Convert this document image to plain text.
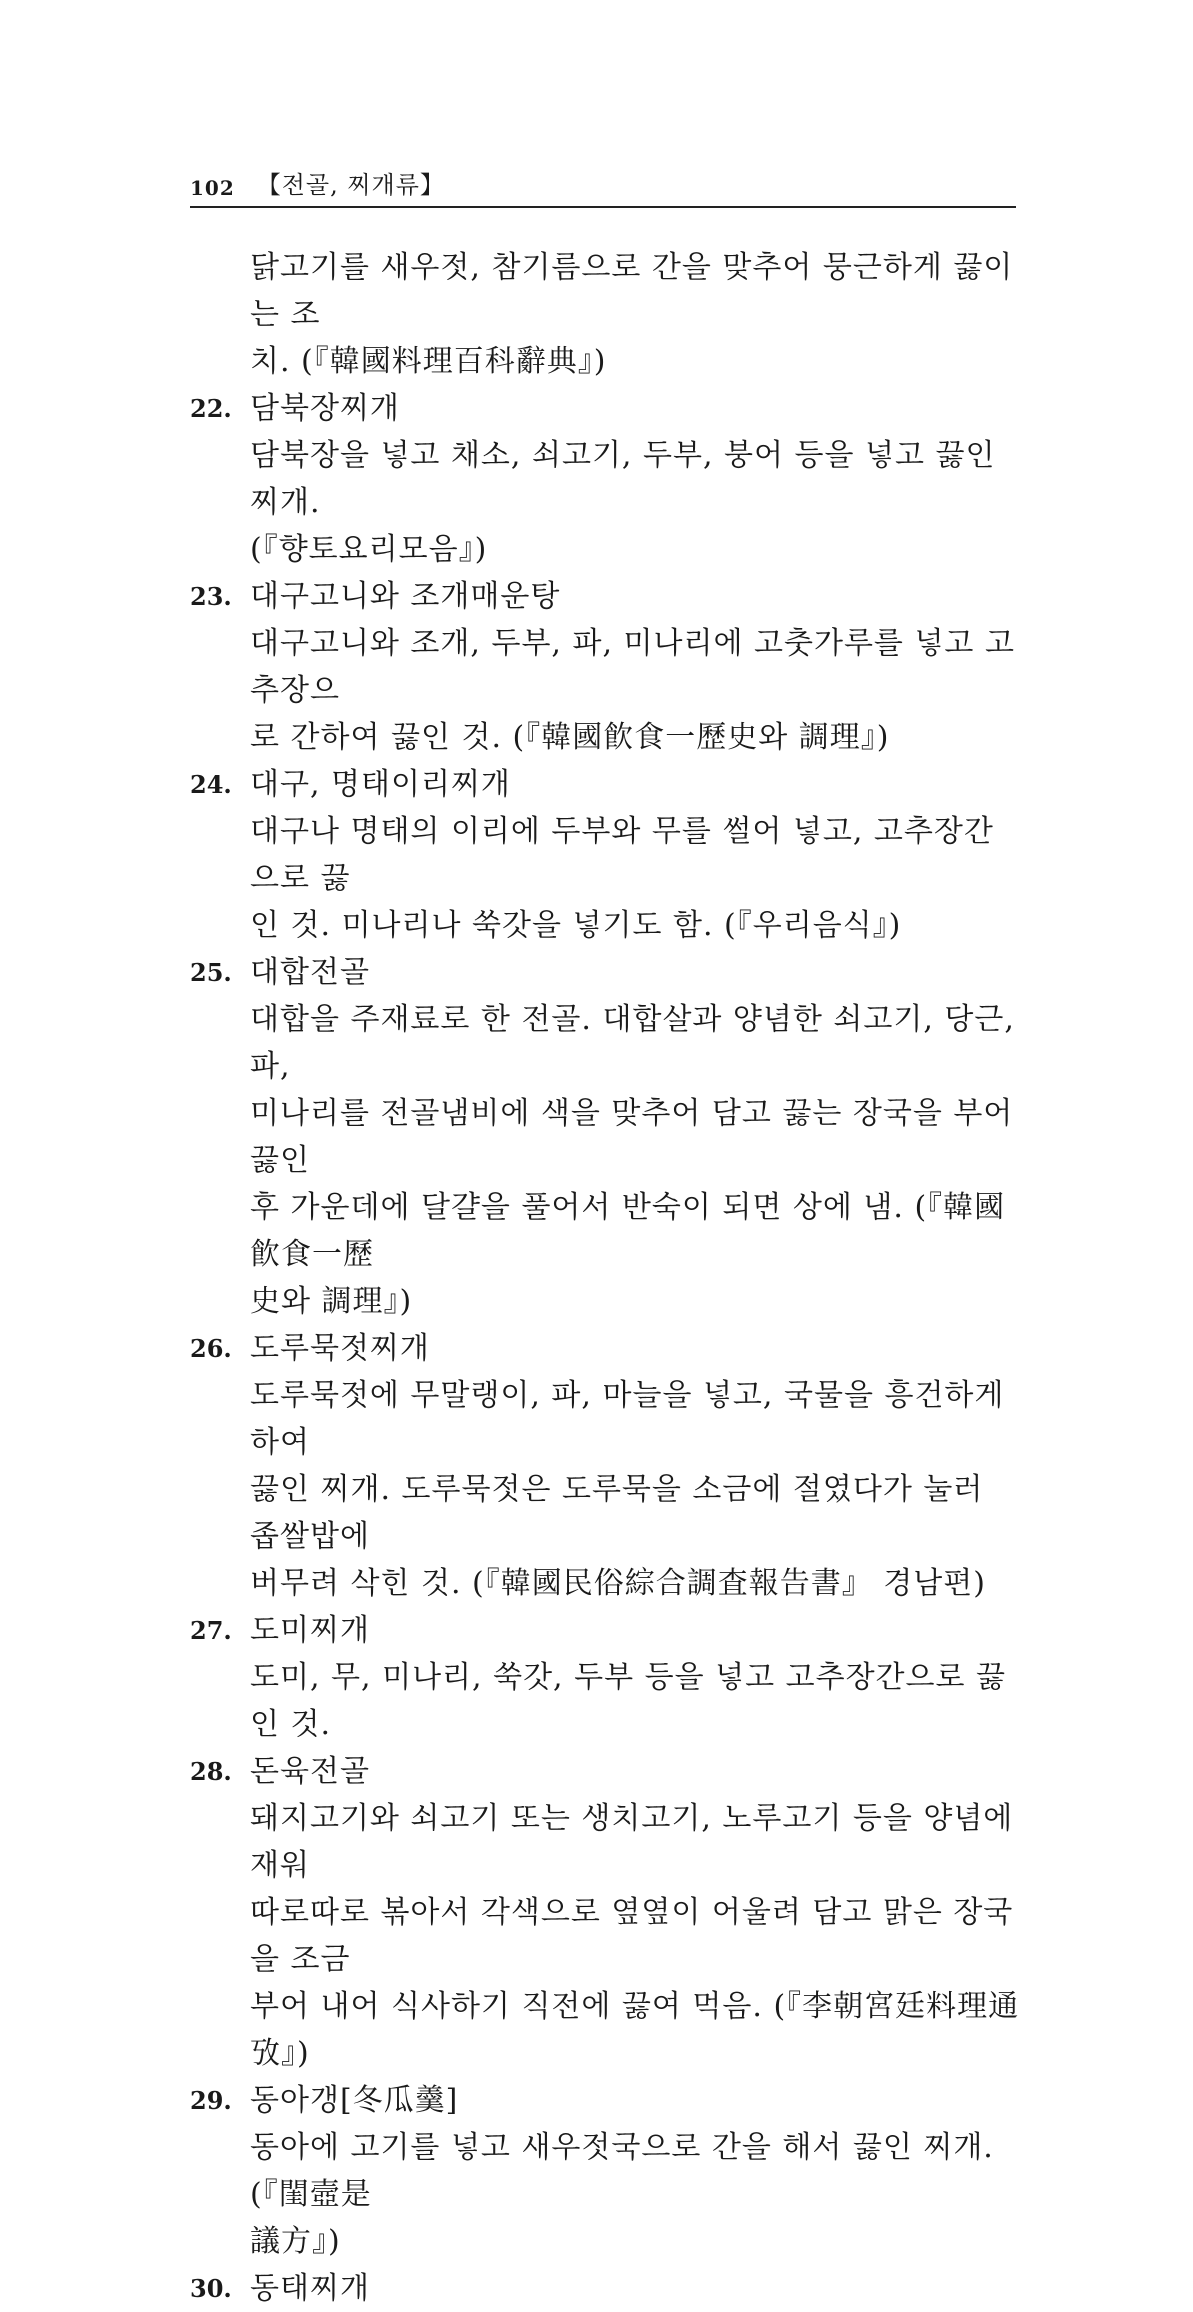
102 【전골, 찌개류】

닭고기를 새우젓, 참기름으로 간을 맞추어 뭉근하게 끓이는 조

치. (『韓國料理百科辭典』)

22. 담북장찌개

담북장을 넣고 채소, 쇠고기, 두부, 붕어 등을 넣고 끓인 찌개.

(『향토요리모음』)

23. 대구고니와 조개매운탕

대구고니와 조개, 두부, 파, 미나리에 고춧가루를 넣고 고추장으

로 간하여 끓인 것. (『韓國飮食一歷史와 調理』)

24. 대구, 명태이리찌개

대구나 명태의 이리에 두부와 무를 썰어 넣고, 고추장간으로 끓

인 것. 미나리나 쑥갓을 넣기도 함. (『우리음식』)

25. 대합전골

대합을 주재료로 한 전골. 대합살과 양념한 쇠고기, 당근, 파,

미나리를 전골냄비에 색을 맞추어 담고 끓는 장국을 부어 끓인

후 가운데에 달걀을 풀어서 반숙이 되면 상에 냄. (『韓國飮食一歷

史와 調理』)

26. 도루묵젓찌개

도루묵젓에 무말랭이, 파, 마늘을 넣고, 국물을 흥건하게 하여

끓인 찌개. 도루묵젓은 도루묵을 소금에 절였다가 눌러 좁쌀밥에

버무려 삭힌 것. (『韓國民俗綜合調査報告書』 경남편)

27. 도미찌개

도미, 무, 미나리, 쑥갓, 두부 등을 넣고 고추장간으로 끓인 것.

28. 돈육전골

돼지고기와 쇠고기 또는 생치고기, 노루고기 등을 양념에 재워

따로따로 볶아서 각색으로 옆옆이 어울려 담고 맑은 장국을 조금

부어 내어 식사하기 직전에 끓여 먹음. (『李朝宮廷料理通攷』)

29. 동아갱[冬瓜羹]

동아에 고기를 넣고 새우젓국으로 간을 해서 끓인 찌개. (『閨壼是

議方』)

30. 동태찌개
